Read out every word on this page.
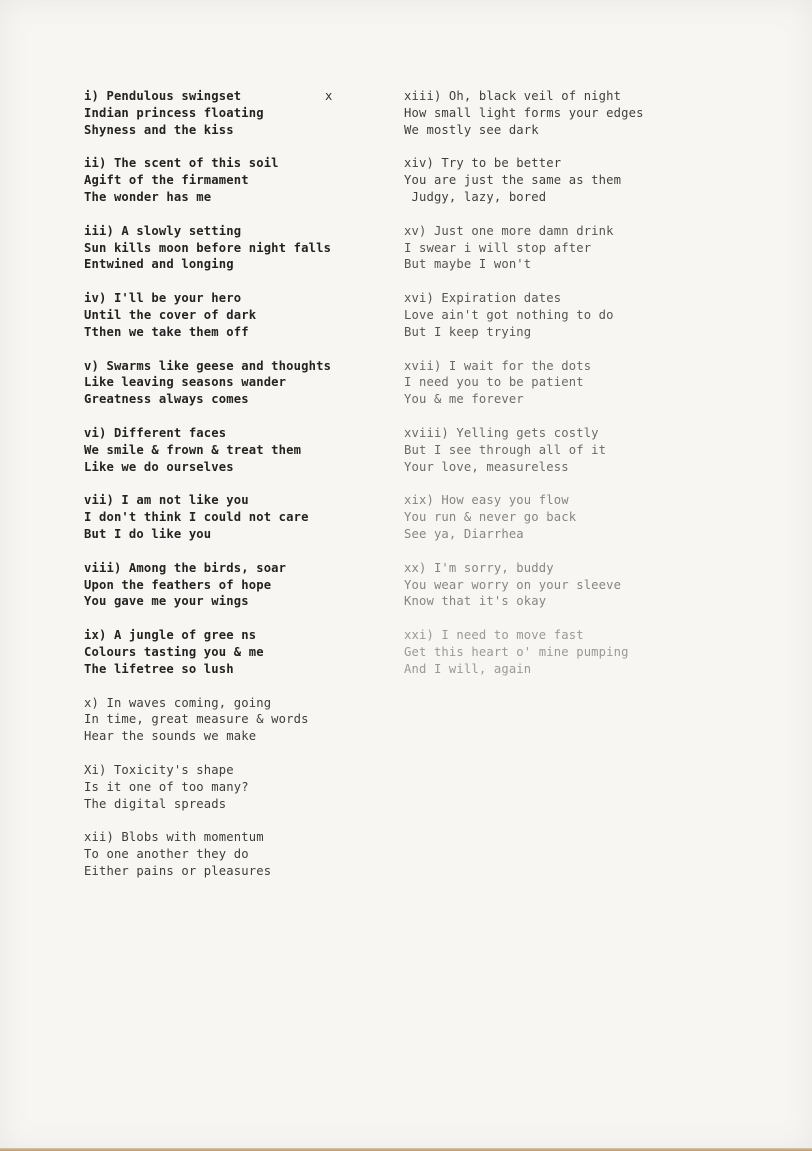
x
i) Pendulous swingset
Indian princess floating
Shyness and the kiss
ii) The scent of this soil
Agift of the firmament
The wonder has me
iii) A slowly setting
Sun kills moon before night falls
Entwined and longing
iv) I'll be your hero
Until the cover of dark
Tthen we take them off
v) Swarms like geese and thoughts
Like leaving seasons wander
Greatness always comes
vi) Different faces
We smile & frown & treat them
Like we do ourselves
vii) I am not like you
I don't think I could not care
But I do like you
viii) Among the birds, soar
Upon the feathers of hope
You gave me your wings
ix) A jungle of gree ns
Colours tasting you & me
The lifetree so lush
x) In waves coming, going
In time, great measure & words
Hear the sounds we make
Xi) Toxicity's shape
Is it one of too many?
The digital spreads
xii) Blobs with momentum
To one another they do
Either pains or pleasures
xiii) Oh, black veil of night
How small light forms your edges
We mostly see dark
xiv) Try to be better
You are just the same as them
Judgy, lazy, bored
xv) Just one more damn drink
I swear i will stop after
But maybe I won't
xvi) Expiration dates
Love ain't got nothing to do
But I keep trying
xvii) I wait for the dots
I need you to be patient
You & me forever
xviii) Yelling gets costly
But I see through all of it
Your love, measureless
xix) How easy you flow
You run & never go back
See ya, Diarrhea
xx) I'm sorry, buddy
You wear worry on your sleeve
Know that it's okay
xxi) I need to move fast
Get this heart o' mine pumping
And I will, again
